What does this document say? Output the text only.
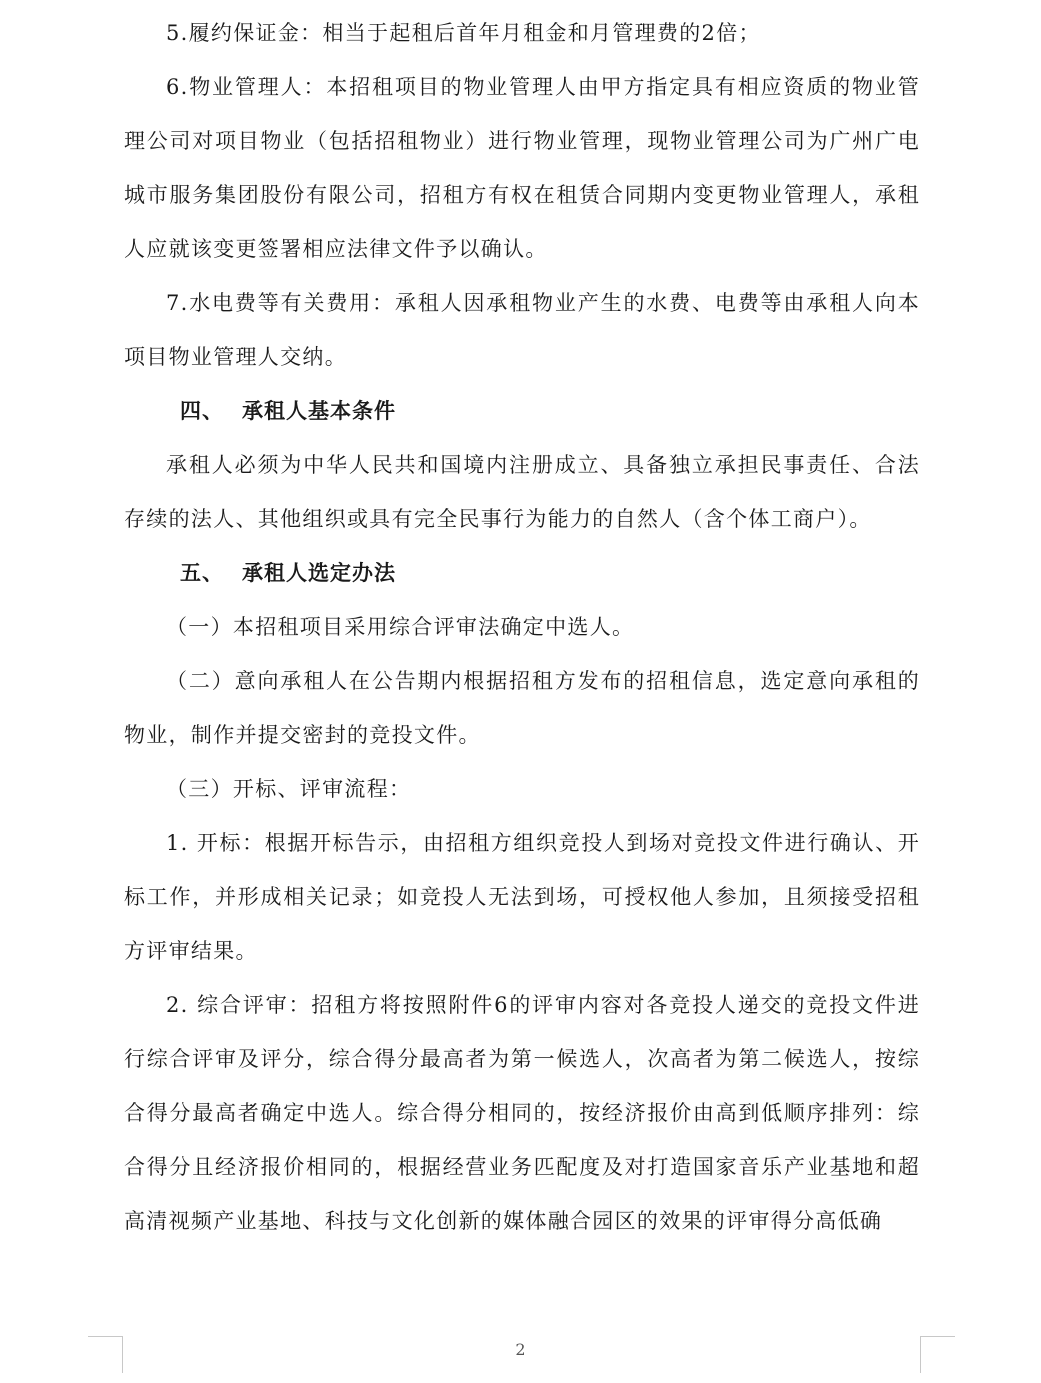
5.履约保证金：相当于起租后首年月租金和月管理费的2倍；

6.物业管理人：本招租项目的物业管理人由甲方指定具有相应资质的物业管理公司对项目物业（包括招租物业）进行物业管理，现物业管理公司为广州广电城市服务集团股份有限公司，招租方有权在租赁合同期内变更物业管理人，承租人应就该变更签署相应法律文件予以确认。

7.水电费等有关费用：承租人因承租物业产生的水费、电费等由承租人向本项目物业管理人交纳。

四、 承租人基本条件

承租人必须为中华人民共和国境内注册成立、具备独立承担民事责任、合法存续的法人、其他组织或具有完全民事行为能力的自然人（含个体工商户）。

五、 承租人选定办法

（一）本招租项目采用综合评审法确定中选人。

（二）意向承租人在公告期内根据招租方发布的招租信息，选定意向承租的物业，制作并提交密封的竞投文件。

（三）开标、评审流程：

1. 开标：根据开标告示，由招租方组织竞投人到场对竞投文件进行确认、开标工作，并形成相关记录；如竞投人无法到场，可授权他人参加，且须接受招租方评审结果。

2. 综合评审：招租方将按照附件6的评审内容对各竞投人递交的竞投文件进行综合评审及评分，综合得分最高者为第一候选人，次高者为第二候选人，按综合得分最高者确定中选人。综合得分相同的，按经济报价由高到低顺序排列：综合得分且经济报价相同的，根据经营业务匹配度及对打造国家音乐产业基地和超高清视频产业基地、科技与文化创新的媒体融合园区的效果的评审得分高低确

2
